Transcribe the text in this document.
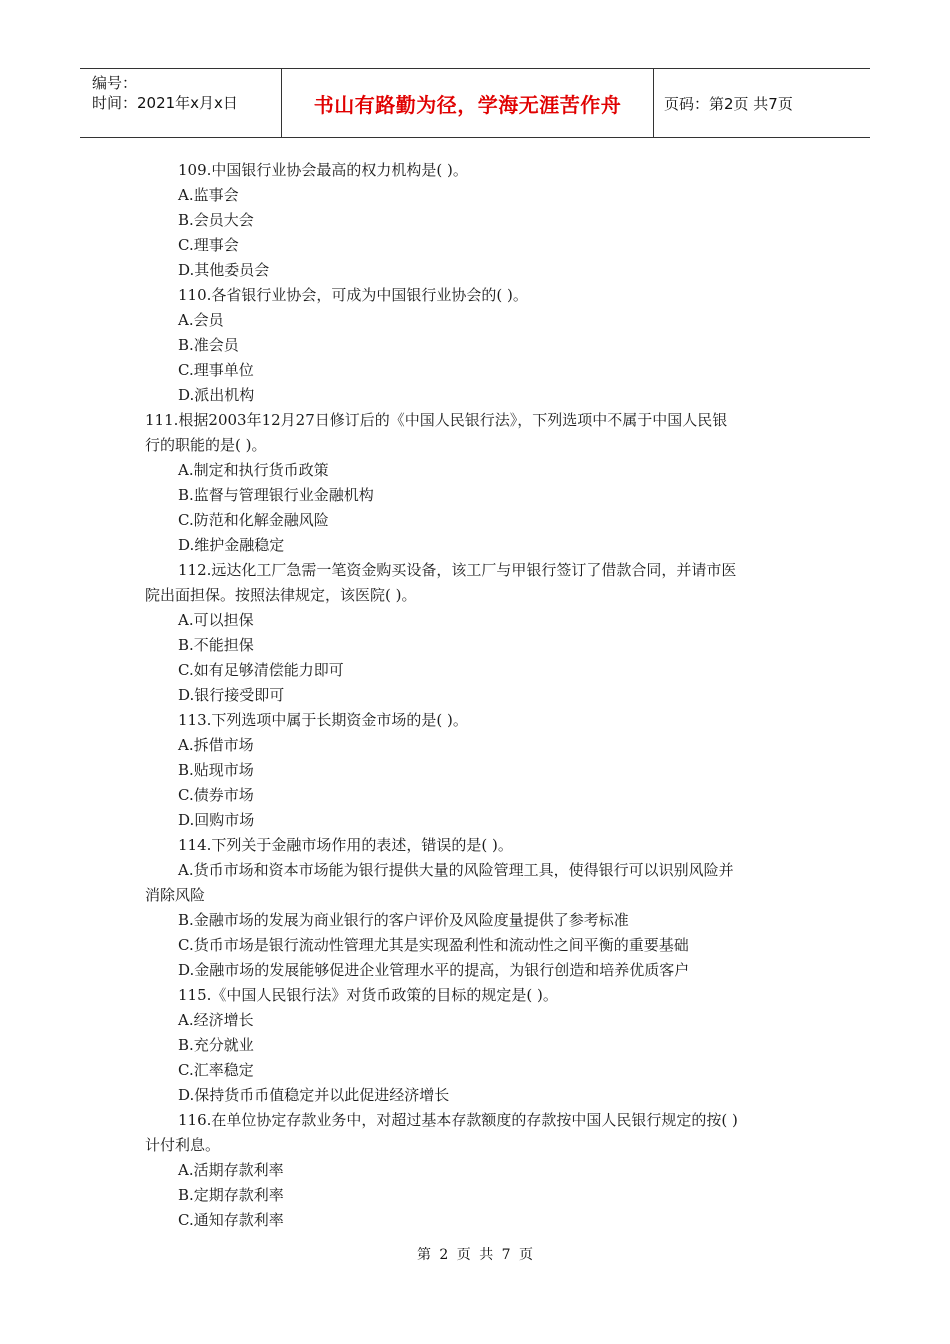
编号：
时间：2021年x月x日	书山有路勤为径，学海无涯苦作舟	页码：第2页 共7页
109.中国银行业协会最高的权力机构是( )。
A.监事会
B.会员大会
C.理事会
D.其他委员会
110.各省银行业协会，可成为中国银行业协会的( )。
A.会员
B.准会员
C.理事单位
D.派出机构
111.根据2003年12月27日修订后的《中国人民银行法》，下列选项中不属于中国人民银
行的职能的是( )。
A.制定和执行货币政策
B.监督与管理银行业金融机构
C.防范和化解金融风险
D.维护金融稳定
112.远达化工厂急需一笔资金购买设备，该工厂与甲银行签订了借款合同，并请市医
院出面担保。按照法律规定，该医院( )。
A.可以担保
B.不能担保
C.如有足够清偿能力即可
D.银行接受即可
113.下列选项中属于长期资金市场的是( )。
A.拆借市场
B.贴现市场
C.债券市场
D.回购市场
114.下列关于金融市场作用的表述，错误的是( )。
A.货币市场和资本市场能为银行提供大量的风险管理工具，使得银行可以识别风险并
消除风险
B.金融市场的发展为商业银行的客户评价及风险度量提供了参考标准
C.货币市场是银行流动性管理尤其是实现盈利性和流动性之间平衡的重要基础
D.金融市场的发展能够促进企业管理水平的提高，为银行创造和培养优质客户
115.《中国人民银行法》对货币政策的目标的规定是( )。
A.经济增长
B.充分就业
C.汇率稳定
D.保持货币币值稳定并以此促进经济增长
116.在单位协定存款业务中，对超过基本存款额度的存款按中国人民银行规定的按( )
计付利息。
A.活期存款利率
B.定期存款利率
C.通知存款利率
第 2 页 共 7 页
